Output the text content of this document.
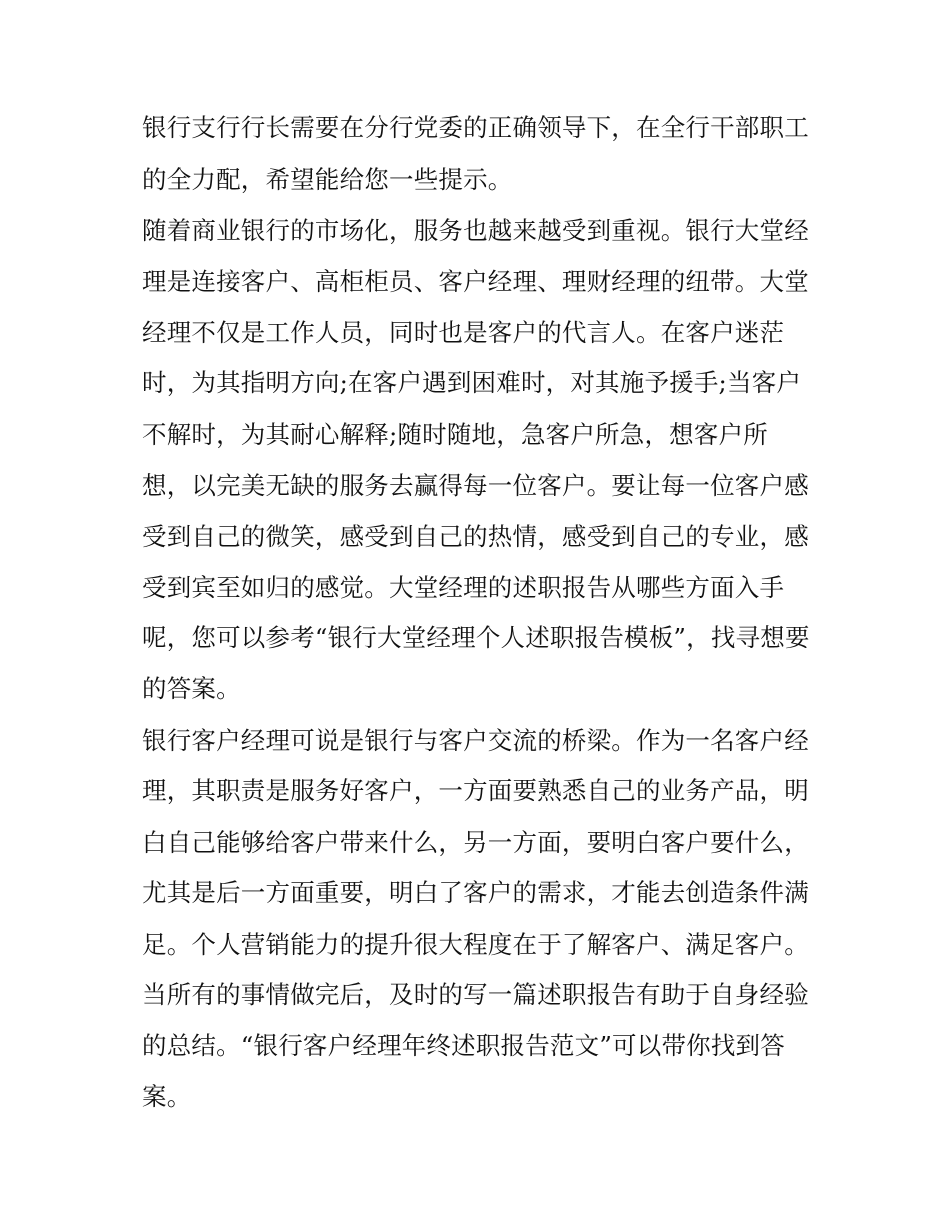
银行支行行长需要在分行党委的正确领导下，在全行干部职工
的全力配，希望能给您一些提示。
随着商业银行的市场化，服务也越来越受到重视。银行大堂经
理是连接客户、高柜柜员、客户经理、理财经理的纽带。大堂
经理不仅是工作人员，同时也是客户的代言人。在客户迷茫
时，为其指明方向;在客户遇到困难时，对其施予援手;当客户
不解时，为其耐心解释;随时随地，急客户所急，想客户所
想，以完美无缺的服务去赢得每一位客户。要让每一位客户感
受到自己的微笑，感受到自己的热情，感受到自己的专业，感
受到宾至如归的感觉。大堂经理的述职报告从哪些方面入手
呢，您可以参考“银行大堂经理个人述职报告模板”，找寻想要
的答案。
银行客户经理可说是银行与客户交流的桥梁。作为一名客户经
理，其职责是服务好客户，一方面要熟悉自己的业务产品，明
白自己能够给客户带来什么，另一方面，要明白客户要什么，
尤其是后一方面重要，明白了客户的需求，才能去创造条件满
足。个人营销能力的提升很大程度在于了解客户、满足客户。
当所有的事情做完后，及时的写一篇述职报告有助于自身经验
的总结。“银行客户经理年终述职报告范文”可以带你找到答
案。
